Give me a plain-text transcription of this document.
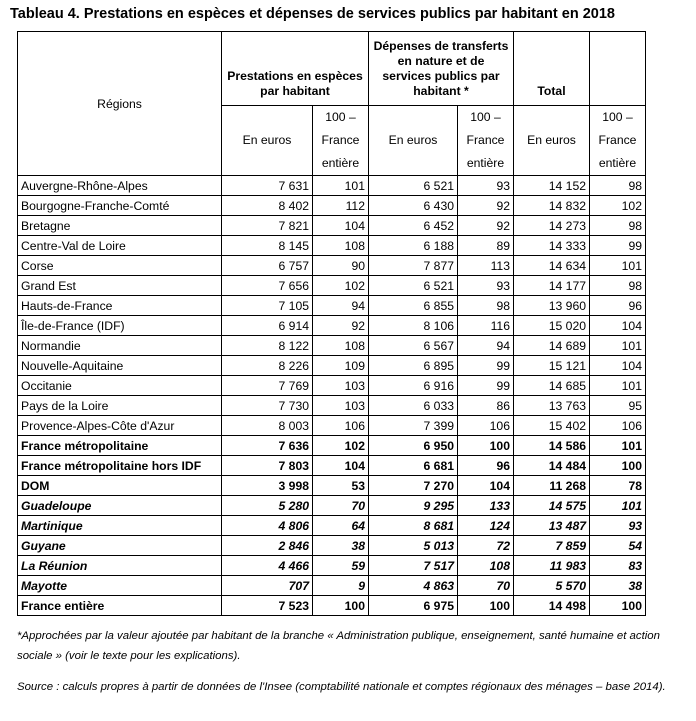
Tableau 4. Prestations en espèces et dépenses de services publics par habitant en 2018
Régions	Prestations en espèces par habitant		Dépenses de transferts en nature et de services publics par habitant *		Total	
	En euros	100 – France entière	En euros	100 – France entière	En euros	100 – France entière
Auvergne-Rhône-Alpes	7 631	101	6 521	93	14 152	98
Bourgogne-Franche-Comté	8 402	112	6 430	92	14 832	102
Bretagne	7 821	104	6 452	92	14 273	98
Centre-Val de Loire	8 145	108	6 188	89	14 333	99
Corse	6 757	90	7 877	113	14 634	101
Grand Est	7 656	102	6 521	93	14 177	98
Hauts-de-France	7 105	94	6 855	98	13 960	96
Île-de-France (IDF)	6 914	92	8 106	116	15 020	104
Normandie	8 122	108	6 567	94	14 689	101
Nouvelle-Aquitaine	8 226	109	6 895	99	15 121	104
Occitanie	7 769	103	6 916	99	14 685	101
Pays de la Loire	7 730	103	6 033	86	13 763	95
Provence-Alpes-Côte d'Azur	8 003	106	7 399	106	15 402	106
France métropolitaine	7 636	102	6 950	100	14 586	101
France métropolitaine hors IDF	7 803	104	6 681	96	14 484	100
DOM	3 998	53	7 270	104	11 268	78
Guadeloupe	5 280	70	9 295	133	14 575	101
Martinique	4 806	64	8 681	124	13 487	93
Guyane	2 846	38	5 013	72	7 859	54
La Réunion	4 466	59	7 517	108	11 983	83
Mayotte	707	9	4 863	70	5 570	38
France entière	7 523	100	6 975	100	14 498	100
*Approchées par la valeur ajoutée par habitant de la branche « Administration publique, enseignement, santé humaine et action sociale » (voir le texte pour les explications).
Source : calculs propres à partir de données de l'Insee (comptabilité nationale et comptes régionaux des ménages – base 2014).
